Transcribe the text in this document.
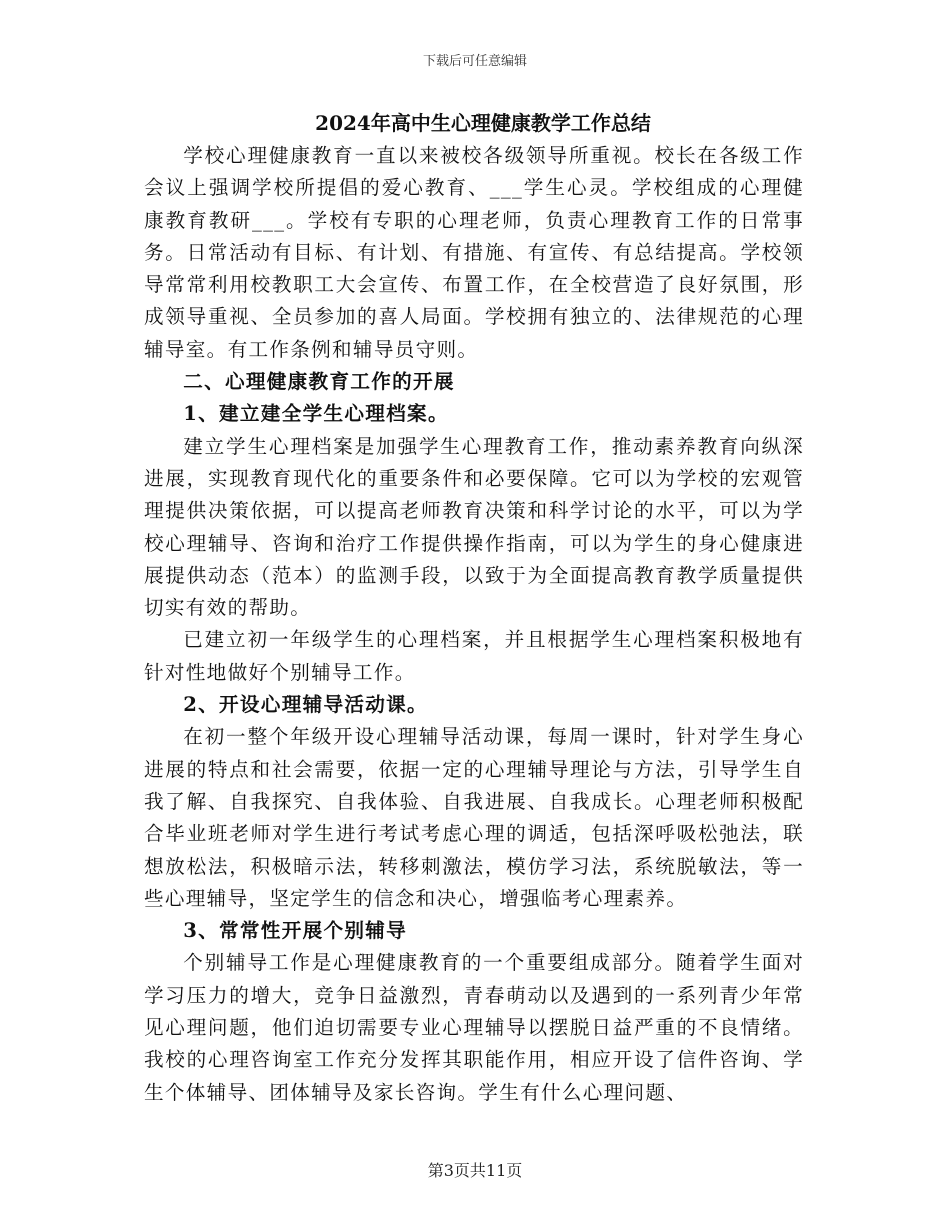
下载后可任意编辑
2024年高中生心理健康教学工作总结

学校心理健康教育一直以来被校各级领导所重视。校长在各级工作会议上强调学校所提倡的爱心教育、___学生心灵。学校组成的心理健康教育教研___。学校有专职的心理老师，负责心理教育工作的日常事务。日常活动有目标、有计划、有措施、有宣传、有总结提高。学校领导常常利用校教职工大会宣传、布置工作，在全校营造了良好氛围，形成领导重视、全员参加的喜人局面。学校拥有独立的、法律规范的心理辅导室。有工作条例和辅导员守则。

二、心理健康教育工作的开展

1、建立建全学生心理档案。

建立学生心理档案是加强学生心理教育工作，推动素养教育向纵深进展，实现教育现代化的重要条件和必要保障。它可以为学校的宏观管理提供决策依据，可以提高老师教育决策和科学讨论的水平，可以为学校心理辅导、咨询和治疗工作提供操作指南，可以为学生的身心健康进展提供动态（范本）的监测手段，以致于为全面提高教育教学质量提供切实有效的帮助。

已建立初一年级学生的心理档案，并且根据学生心理档案积极地有针对性地做好个别辅导工作。

2、开设心理辅导活动课。

在初一整个年级开设心理辅导活动课，每周一课时，针对学生身心进展的特点和社会需要，依据一定的心理辅导理论与方法，引导学生自我了解、自我探究、自我体验、自我进展、自我成长。心理老师积极配合毕业班老师对学生进行考试考虑心理的调适，包括深呼吸松弛法，联想放松法，积极暗示法，转移刺激法，模仿学习法，系统脱敏法，等一些心理辅导，坚定学生的信念和决心，增强临考心理素养。

3、常常性开展个别辅导

个别辅导工作是心理健康教育的一个重要组成部分。随着学生面对学习压力的增大，竞争日益激烈，青春萌动以及遇到的一系列青少年常见心理问题，他们迫切需要专业心理辅导以摆脱日益严重的不良情绪。我校的心理咨询室工作充分发挥其职能作用，相应开设了信件咨询、学生个体辅导、团体辅导及家长咨询。学生有什么心理问题、

第3页共11页
